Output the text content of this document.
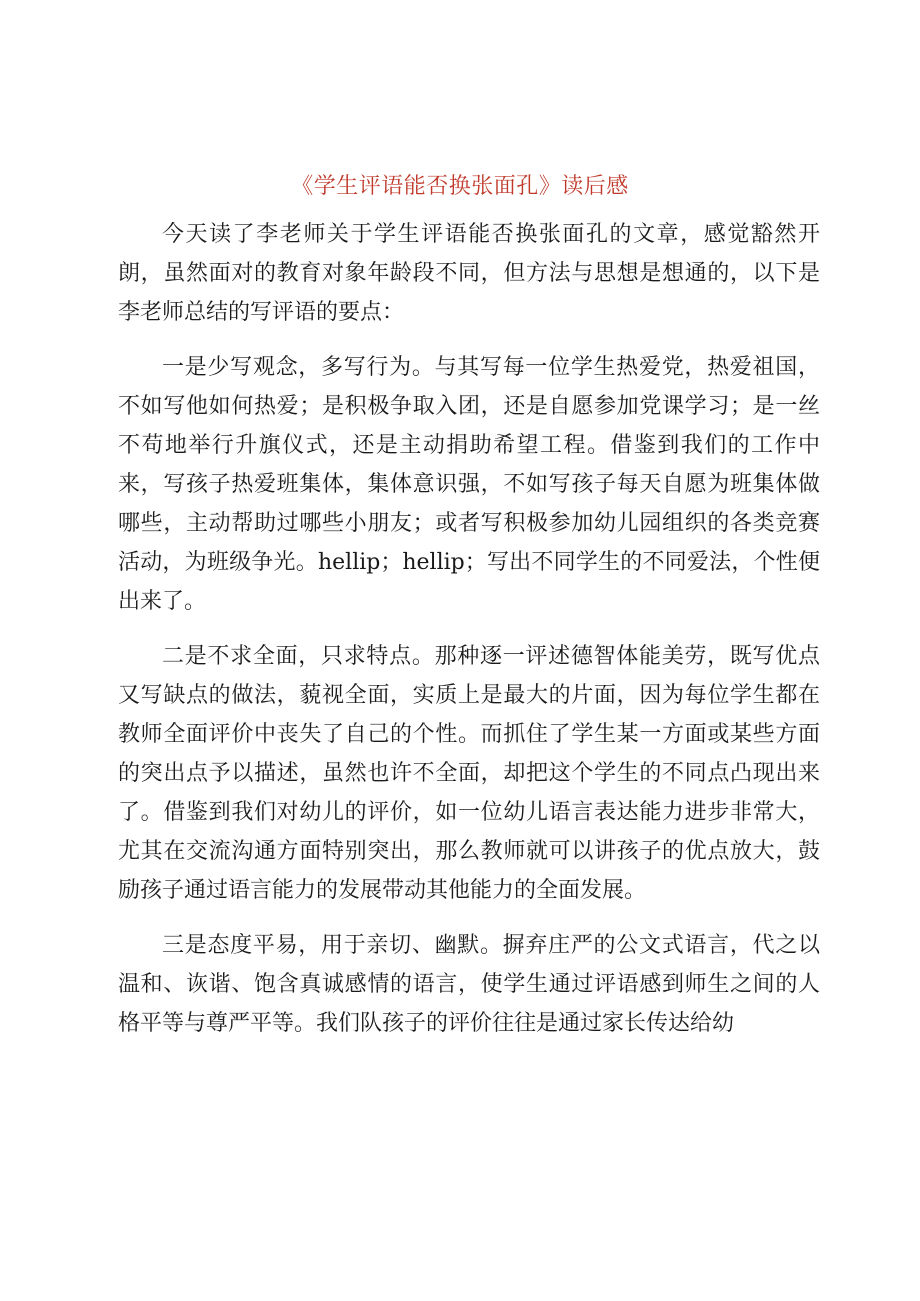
《学生评语能否换张面孔》读后感

今天读了李老师关于学生评语能否换张面孔的文章，感觉豁然开朗，虽然面对的教育对象年龄段不同，但方法与思想是想通的，以下是李老师总结的写评语的要点：

一是少写观念，多写行为。与其写每一位学生热爱党，热爱祖国，不如写他如何热爱；是积极争取入团，还是自愿参加党课学习；是一丝不苟地举行升旗仪式，还是主动捐助希望工程。借鉴到我们的工作中来，写孩子热爱班集体，集体意识强，不如写孩子每天自愿为班集体做哪些，主动帮助过哪些小朋友；或者写积极参加幼儿园组织的各类竞赛活动，为班级争光。hellip；hellip；写出不同学生的不同爱法，个性便出来了。

二是不求全面，只求特点。那种逐一评述德智体能美劳，既写优点又写缺点的做法，藐视全面，实质上是最大的片面，因为每位学生都在教师全面评价中丧失了自己的个性。而抓住了学生某一方面或某些方面的突出点予以描述，虽然也许不全面，却把这个学生的不同点凸现出来了。借鉴到我们对幼儿的评价，如一位幼儿语言表达能力进步非常大，尤其在交流沟通方面特别突出，那么教师就可以讲孩子的优点放大，鼓励孩子通过语言能力的发展带动其他能力的全面发展。

三是态度平易，用于亲切、幽默。摒弃庄严的公文式语言，代之以温和、诙谐、饱含真诚感情的语言，使学生通过评语感到师生之间的人格平等与尊严平等。我们队孩子的评价往往是通过家长传达给幼
